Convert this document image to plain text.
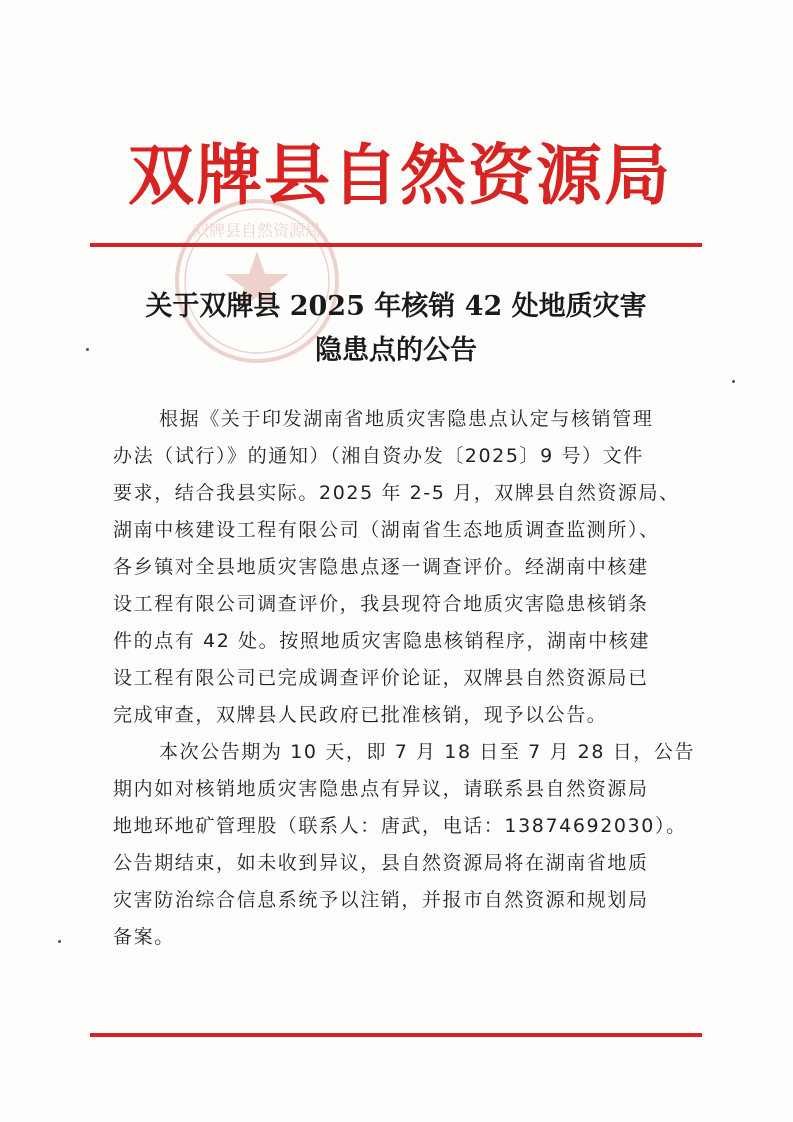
双牌县自然资源局
双牌县自然资源局
关于双牌县 2025 年核销 42 处地质灾害
隐患点的公告
根据《关于印发湖南省地质灾害隐患点认定与核销管理
办法（试行）》的通知）（湘自资办发〔2025〕9 号）文件
要求，结合我县实际。2025 年 2-5 月，双牌县自然资源局、
湖南中核建设工程有限公司（湖南省生态地质调查监测所）、
各乡镇对全县地质灾害隐患点逐一调查评价。经湖南中核建
设工程有限公司调查评价，我县现符合地质灾害隐患核销条
件的点有 42 处。按照地质灾害隐患核销程序，湖南中核建
设工程有限公司已完成调查评价论证，双牌县自然资源局已
完成审查，双牌县人民政府已批准核销，现予以公告。
本次公告期为 10 天，即 7 月 18 日至 7 月 28 日，公告
期内如对核销地质灾害隐患点有异议，请联系县自然资源局
地地环地矿管理股（联系人：唐武，电话：13874692030）。
公告期结束，如未收到异议，县自然资源局将在湖南省地质
灾害防治综合信息系统予以注销，并报市自然资源和规划局
备案。
